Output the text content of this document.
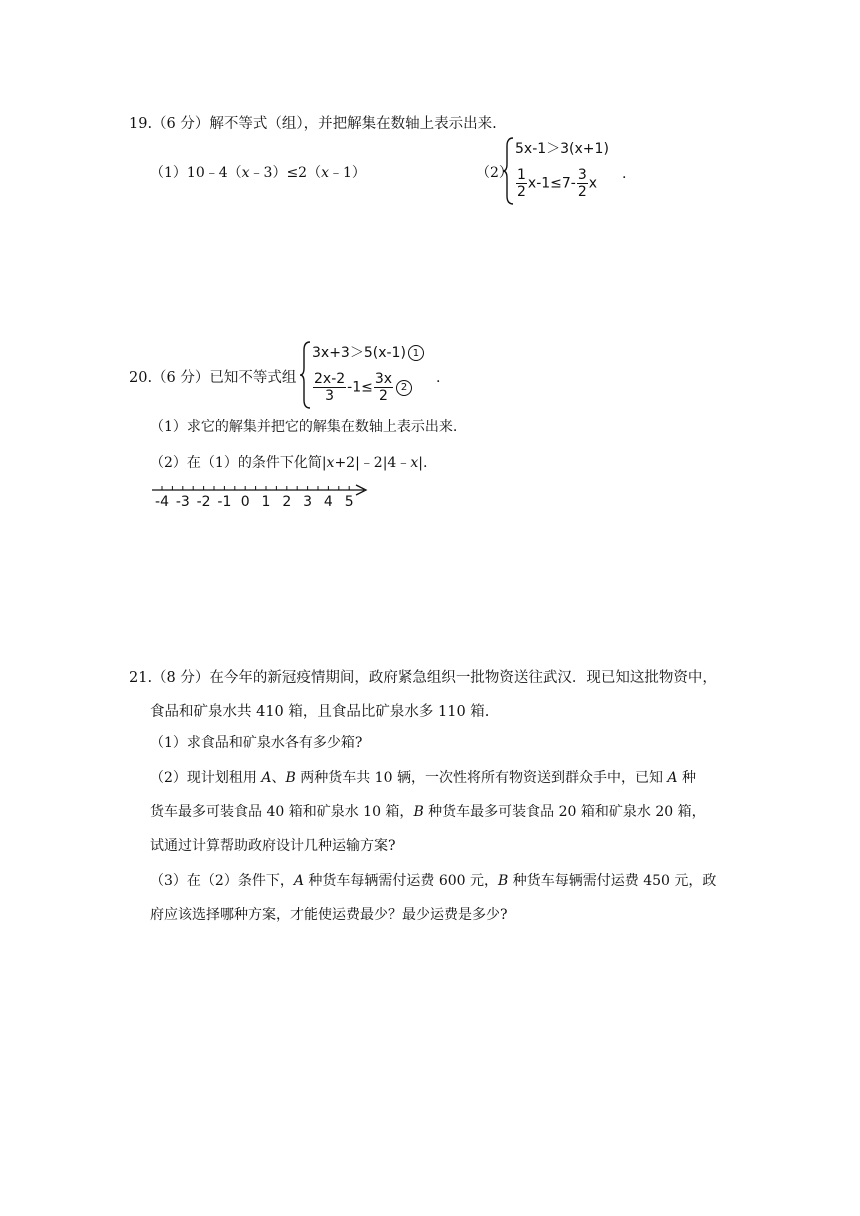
19.（6 分）解不等式（组），并把解集在数轴上表示出来.
（1）10﹣4（x﹣3）≤2（x﹣1）	（2）
5x-1＞3(x+1)
$\frac{1}{2} x-1\le 7- \frac{3}{2}$ x
.
20.（6 分）已知不等式组
3x+3＞5(x-1) 1
$\frac{2x-2}{3} -1\le \frac{3x}{2} 2$
.
（1）求它的解集并把它的解集在数轴上表示出来.
（2）在（1）的条件下化简|x+2|﹣2|4﹣x|.
-4 -3 -2 -1 0 1 2 3 4 5
21.（8 分）在今年的新冠疫情期间，政府紧急组织一批物资送往武汉．现已知这批物资中，
食品和矿泉水共 410 箱，且食品比矿泉水多 110 箱.
（1）求食品和矿泉水各有多少箱?
（2）现计划租用 A、B 两种货车共 10 辆，一次性将所有物资送到群众手中，已知 A 种
货车最多可装食品 40 箱和矿泉水 10 箱，B 种货车最多可装食品 20 箱和矿泉水 20 箱，
试通过计算帮助政府设计几种运输方案?
（3）在（2）条件下，A 种货车每辆需付运费 600 元，B 种货车每辆需付运费 450 元，政
府应该选择哪种方案，才能使运费最少？最少运费是多少?
